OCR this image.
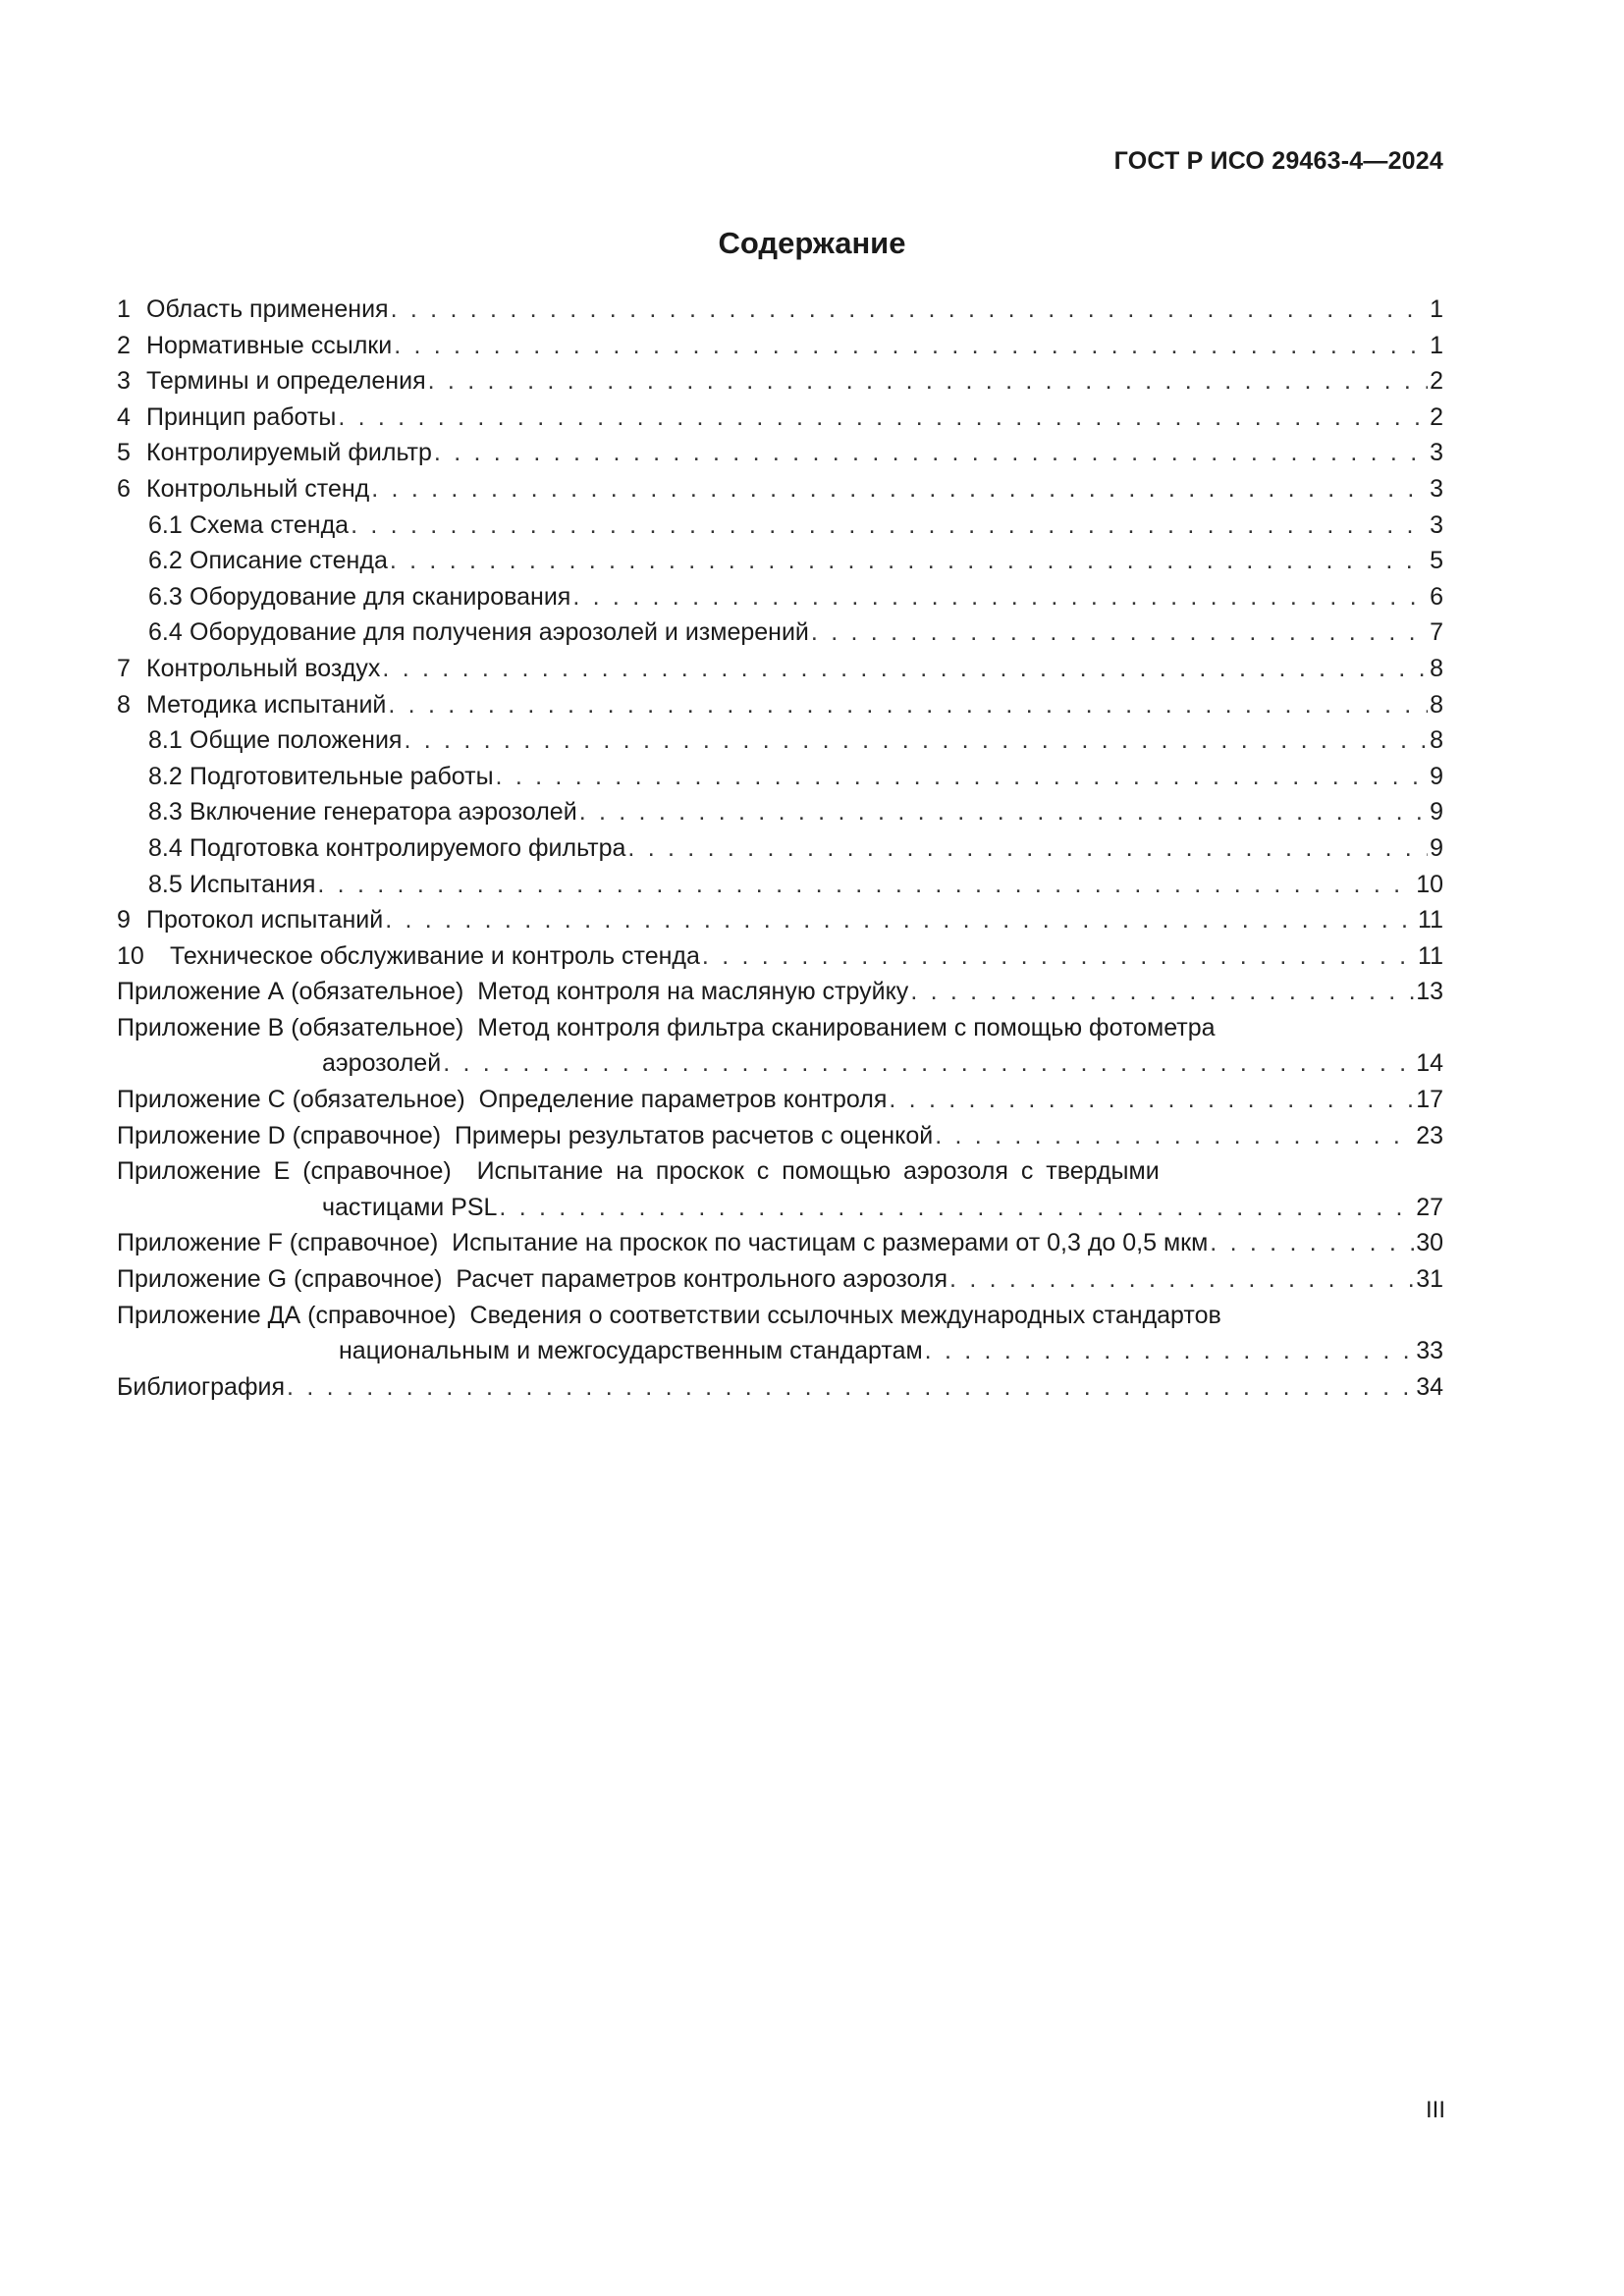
ГОСТ Р ИСО 29463-4—2024
Содержание
1 Область применения . . .	1
2 Нормативные ссылки . . .	1
3 Термины и определения . . .	2
4 Принцип работы . . .	2
5 Контролируемый фильтр . . .	3
6 Контрольный стенд . . .	3
6.1 Схема стенда . . .	3
6.2 Описание стенда . . .	5
6.3 Оборудование для сканирования . . .	6
6.4 Оборудование для получения аэрозолей и измерений . . .	7
7 Контрольный воздух . . .	8
8 Методика испытаний . . .	8
8.1 Общие положения . . .	8
8.2 Подготовительные работы . . .	9
8.3 Включение генератора аэрозолей . . .	9
8.4 Подготовка контролируемого фильтра . . .	9
8.5 Испытания . . .	10
9 Протокол испытаний . . .	11
10 Техническое обслуживание и контроль стенда . . .	11
Приложение А (обязательное)  Метод контроля на масляную струйку . . .	13
Приложение В (обязательное)  Метод контроля фильтра сканированием с помощью фотометра
аэрозолей . . .	14
Приложение С (обязательное)  Определение параметров контроля . . .	17
Приложение D (справочное)  Примеры результатов расчетов с оценкой . . .	23
Приложение Е (справочное)  Испытание на проскок с помощью аэрозоля с твердыми
частицами PSL . . .	27
Приложение F (справочное)  Испытание на проскок по частицам с размерами от 0,3 до 0,5 мкм . . .	30
Приложение G (справочное)  Расчет параметров контрольного аэрозоля . . .	31
Приложение ДА (справочное)  Сведения о соответствии ссылочных международных стандартов
национальным и межгосударственным стандартам . . .	33
Библиография . . .	34
III
